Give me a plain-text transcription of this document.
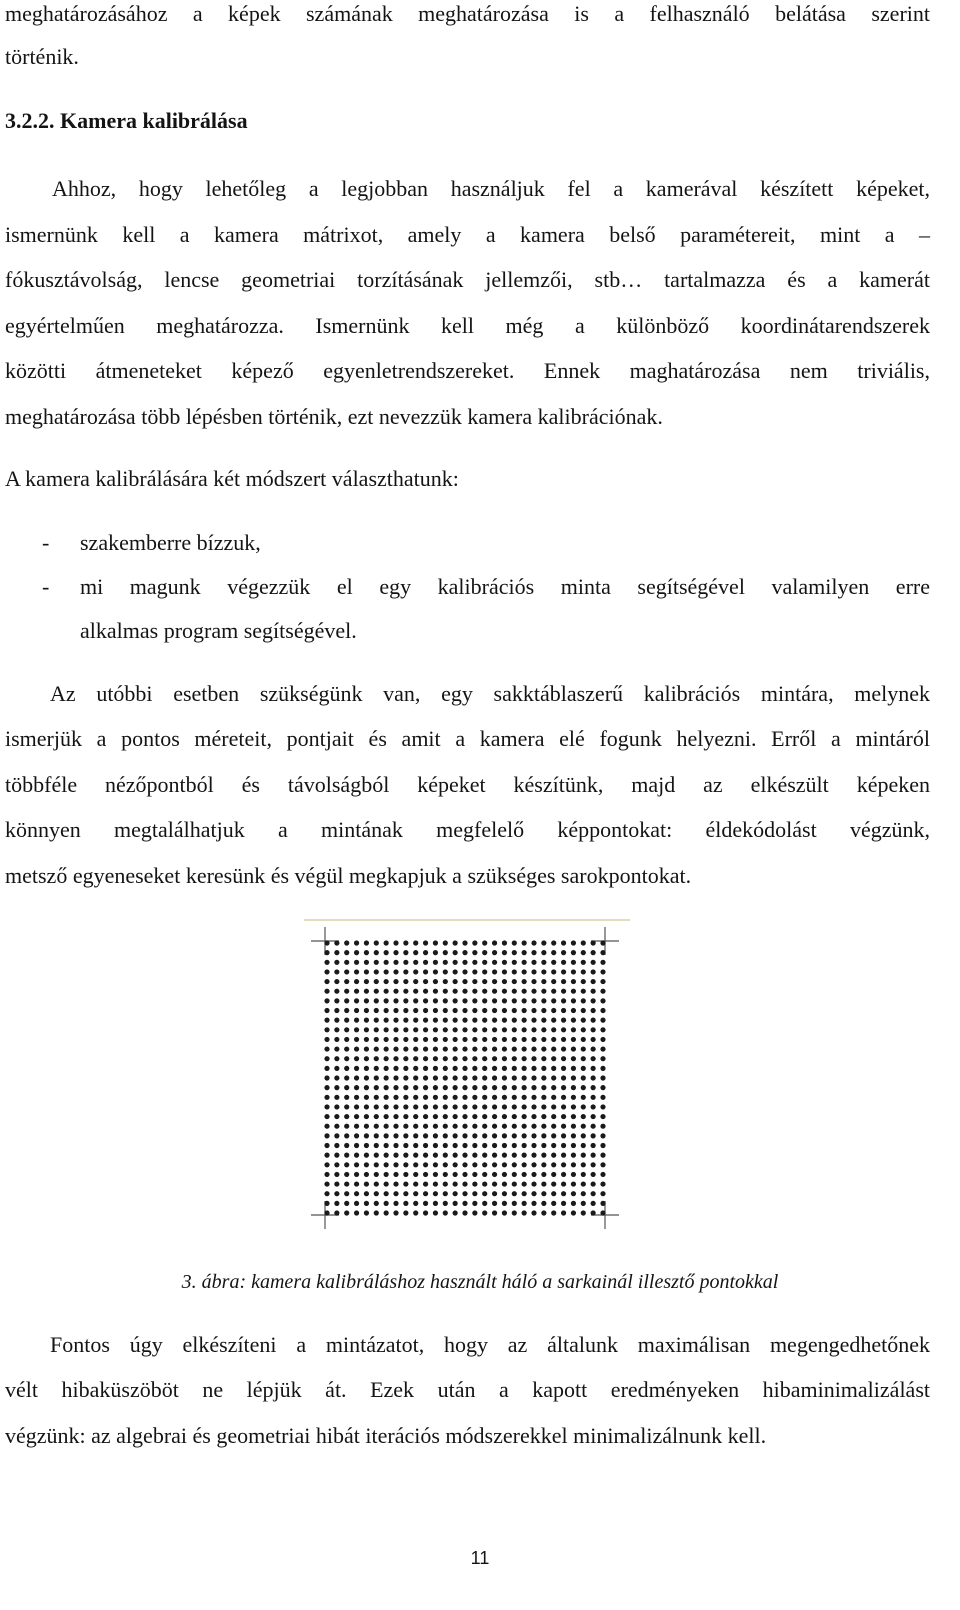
meghatározásához a képek számának meghatározása is a felhasználó belátása szerint
történik.
3.2.2. Kamera kalibrálása
Ahhoz, hogy lehetőleg a legjobban használjuk fel a kamerával készített képeket,
ismernünk kell a kamera mátrixot, amely a kamera belső paramétereit, mint a –
fókusztávolság, lencse geometriai torzításának jellemzői, stb… tartalmazza és a kamerát
egyértelműen meghatározza. Ismernünk kell még a különböző koordinátarendszerek
közötti átmeneteket képező egyenletrendszereket. Ennek maghatározása nem triviális,
meghatározása több lépésben történik, ezt nevezzük kamera kalibrációnak.
A kamera kalibrálására két módszert választhatunk:
- szakemberre bízzuk,
- mi magunk végezzük el egy kalibrációs minta segítségével valamilyen erre
alkalmas program segítségével.
Az utóbbi esetben szükségünk van, egy sakktáblaszerű kalibrációs mintára, melynek
ismerjük a pontos méreteit, pontjait és amit a kamera elé fogunk helyezni. Erről a mintáról
többféle nézőpontból és távolságból képeket készítünk, majd az elkészült képeken
könnyen megtalálhatjuk a mintának megfelelő képpontokat: éldekódolást végzünk,
metsző egyeneseket keresünk és végül megkapjuk a szükséges sarokpontokat.
3. ábra: kamera kalibráláshoz használt háló a sarkainál illesztő pontokkal
Fontos úgy elkészíteni a mintázatot, hogy az általunk maximálisan megengedhetőnek
vélt hibaküszöböt ne lépjük át. Ezek után a kapott eredményeken hibaminimalizálást
végzünk: az algebrai és geometriai hibát iterációs módszerekkel minimalizálnunk kell.
11
